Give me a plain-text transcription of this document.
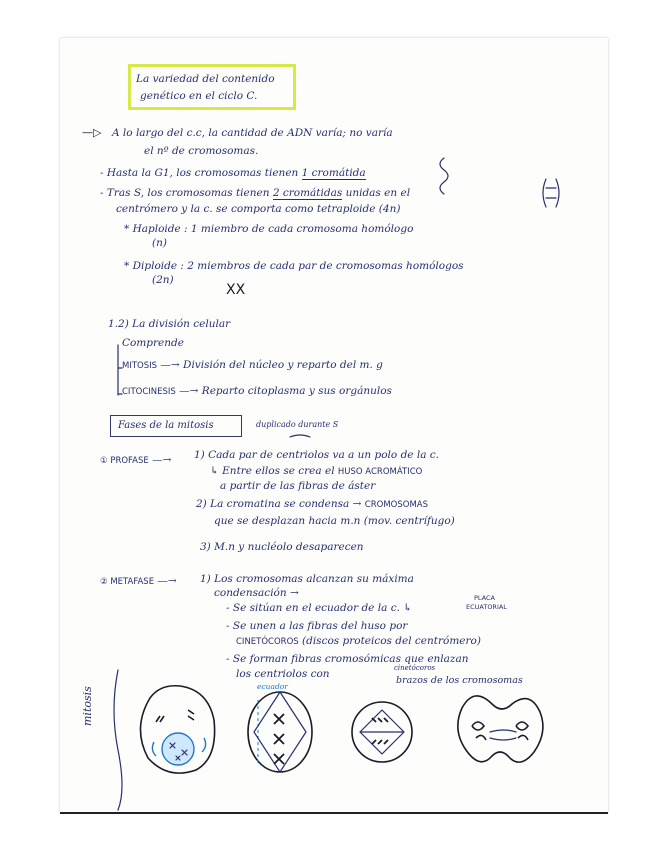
La variedad del contenido
genético en el ciclo C.
—▷ A lo largo del c.c, la cantidad de ADN varía; no varía
el nº de cromosomas.
- Hasta la G1, los cromosomas tienen 1 cromátida
- Tras S, los cromosomas tienen 2 cromátidas unidas en el
centrómero y la c. se comporta como tetraploide (4n)
* Haploide : 1 miembro de cada cromosoma homólogo
(n)
* Diploide : 2 miembros de cada par de cromosomas homólogos
(2n)
XX
1.2) La división celular
Comprende
MITOSIS —→ División del núcleo y reparto del m. g
CITOCINESIS —→ Reparto citoplasma y sus orgánulos
Fases de la mitosis	duplicado durante S
① PROFASE —→ 1) Cada par de centriolos va a un polo de la c.
↳ Entre ellos se crea el HUSO ACROMÁTICO
a partir de las fibras de áster
2) La cromatina se condensa → CROMOSOMAS
que se desplazan hacia m.n (mov. centrífugo)
3) M.n y nucléolo desaparecen
② METAFASE —→ 1) Los cromosomas alcanzan su máxima
condensación →
- Se sitúan en el ecuador de la c. ↳
PLACA
ECUATORIAL
- Se unen a las fibras del huso por
CINETÓCOROS (discos proteicos del centrómero)
- Se forman fibras cromosómicas que enlazan
los centriolos con	cinetócoros
brazos de los cromosomas
ecuador
mitosis
